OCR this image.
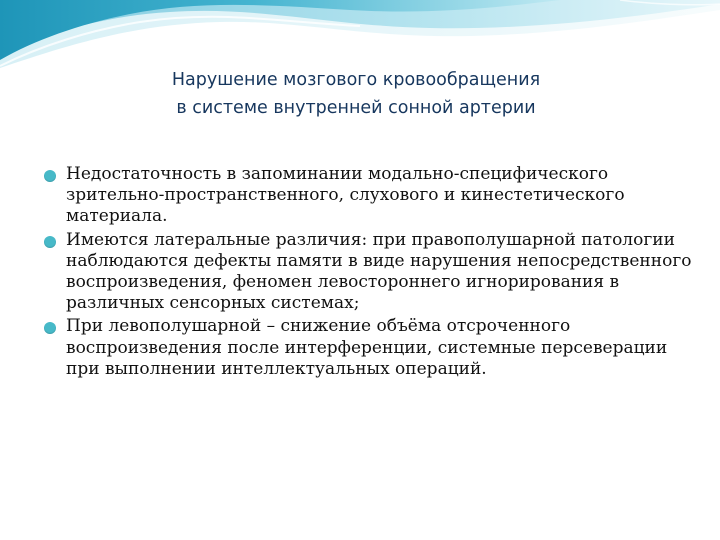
Нарушение мозгового кровообращения
в системе внутренней сонной артерии
Недостаточность в запоминании модально-специфического зрительно-пространственного, слухового и кинестетического материала.
Имеются латеральные различия: при правополушарной патологии наблюдаются дефекты памяти в виде нарушения непосредственного воспроизведения, феномен левостороннего игнорирования в различных сенсорных системах;
При левополушарной – снижение объёма отсроченного воспроизведения после интерференции, системные персеверации при выполнении интеллектуальных операций.
